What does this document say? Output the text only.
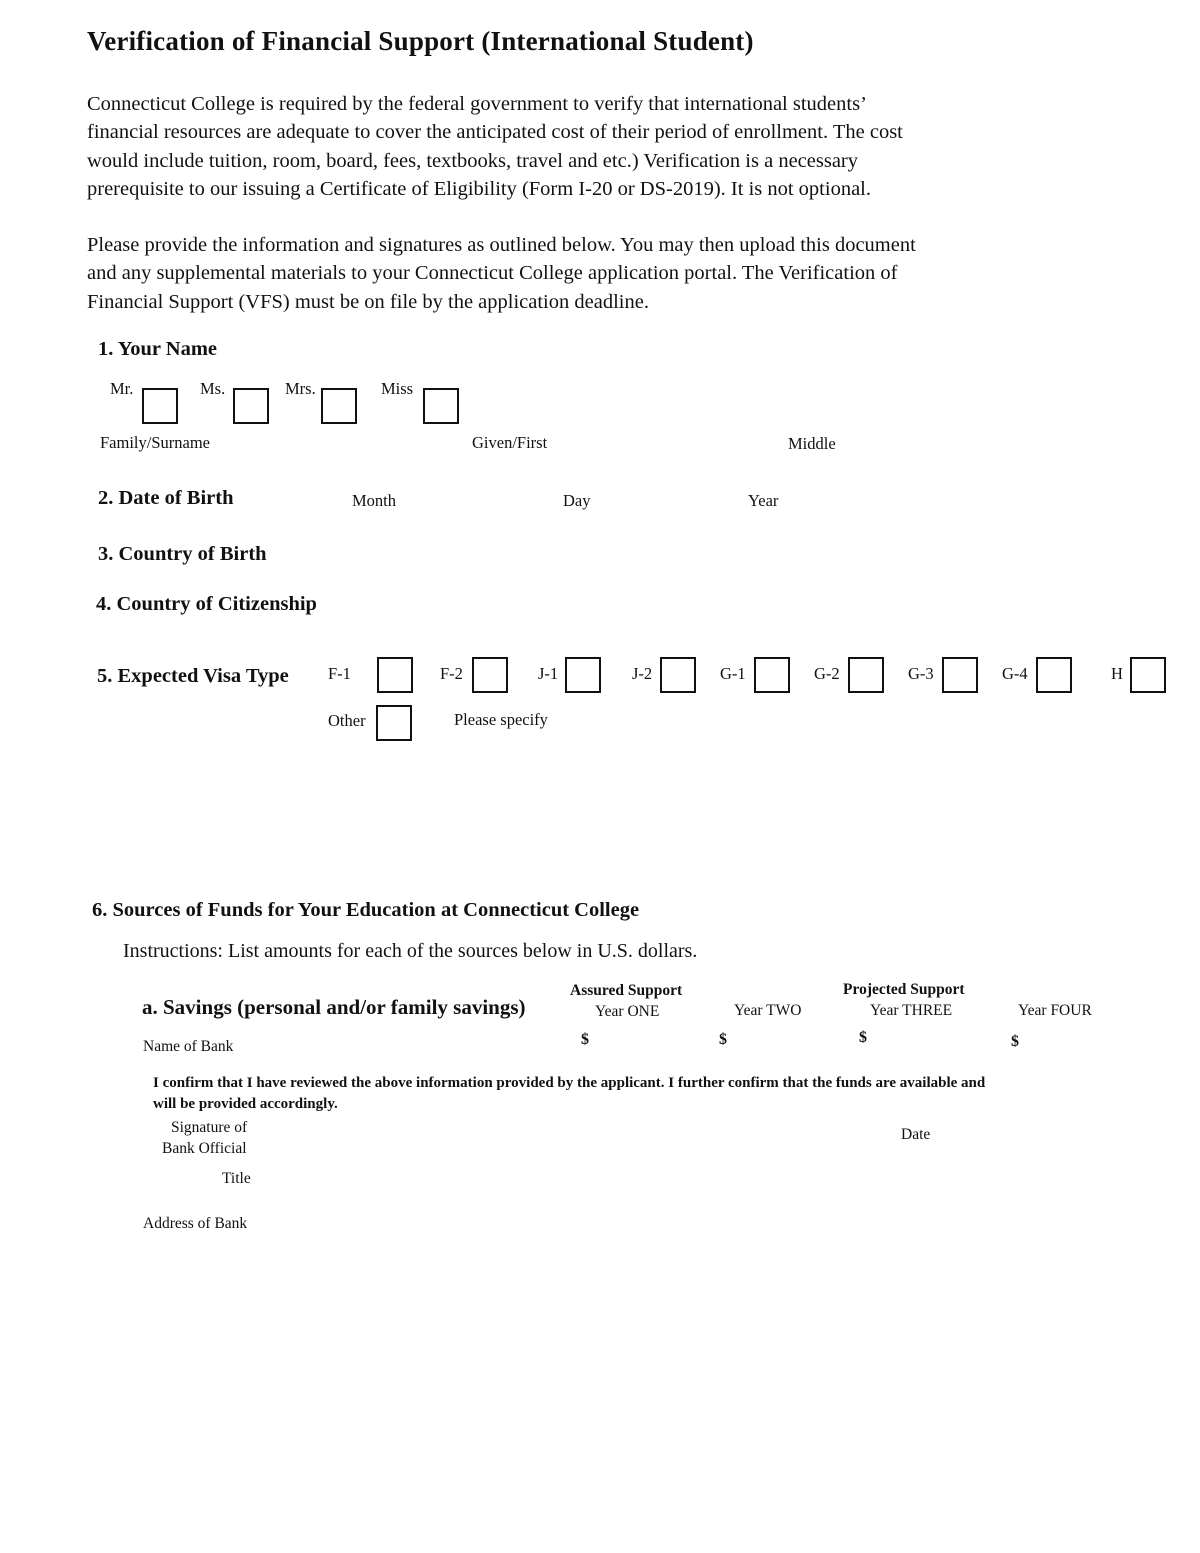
Verification of Financial Support (International Student)
Connecticut College is required by the federal government to verify that international students’
financial resources are adequate to cover the anticipated cost of their period of enrollment. The cost
would include tuition, room, board, fees, textbooks, travel and etc.) Verification is a necessary
prerequisite to our issuing a Certificate of Eligibility (Form I-20 or DS-2019). It is not optional.
Please provide the information and signatures as outlined below. You may then upload this document
and any supplemental materials to your Connecticut College application portal. The Verification of
Financial Support (VFS) must be on file by the application deadline.
1. Your Name
Mr.	Ms.	Mrs.	Miss
Family/Surname	Given/First	Middle
2. Date of Birth	Month	Day	Year
3. Country of Birth
4. Country of Citizenship
5. Expected Visa Type F-1	F-2	J-1	J-2	G-1	G-2	G-3	G-4	H
Other	Please specify
6. Sources of Funds for Your Education at Connecticut College
Instructions: List amounts for each of the sources below in U.S. dollars.
a. Savings (personal and/or family savings)
Assured Support	Projected Support
Year ONE	Year TWO	Year THREE	Year FOUR
Name of Bank	$	$	$	$
I confirm that I have reviewed the above information provided by the applicant. I further confirm that the funds are available and
will be provided accordingly.
Signature of
Bank Official
Date
Title
Address of Bank
